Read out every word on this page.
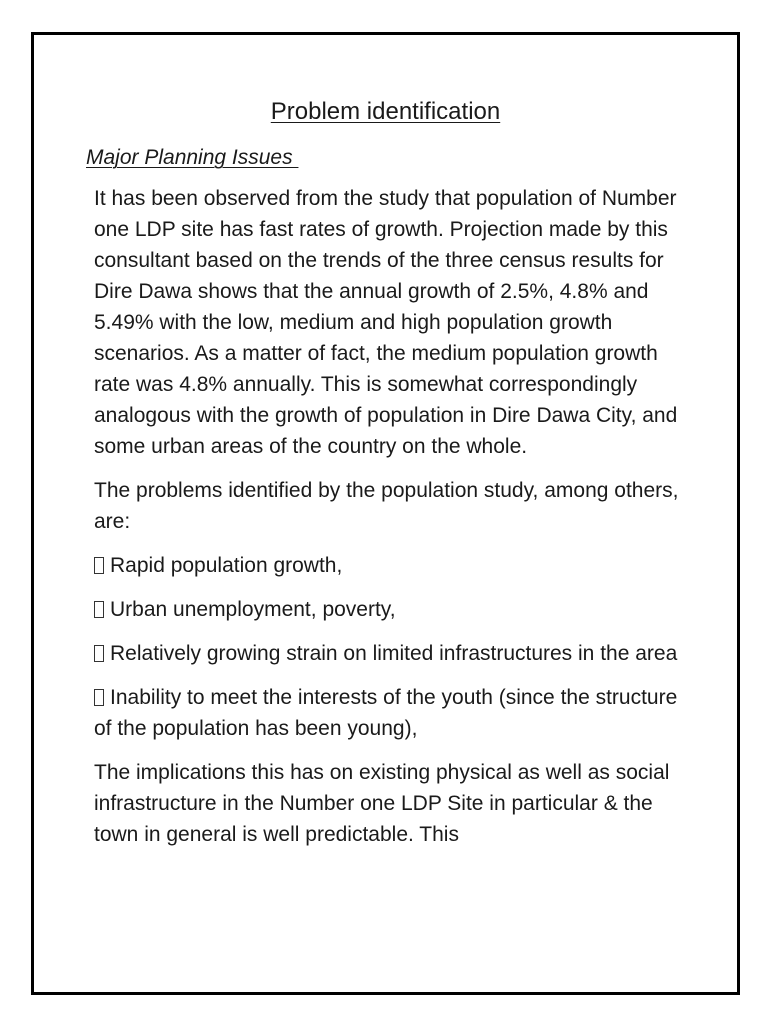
Problem identification
Major Planning Issues

It has been observed from the study that population of Number one LDP site has fast rates of growth. Projection made by this consultant based on the trends of the three census results for Dire Dawa shows that the annual growth of 2.5%, 4.8% and 5.49% with the low, medium and high population growth scenarios. As a matter of fact, the medium population growth rate was 4.8% annually. This is somewhat correspondingly analogous with the growth of population in Dire Dawa City, and some urban areas of the country on the whole.

The problems identified by the population study, among others, are:

Rapid population growth,

Urban unemployment, poverty,

Relatively growing strain on limited infrastructures in the area

Inability to meet the interests of the youth (since the structure of the population has been young),

The implications this has on existing physical as well as social infrastructure in the Number one LDP Site in particular & the town in general is well predictable. This
